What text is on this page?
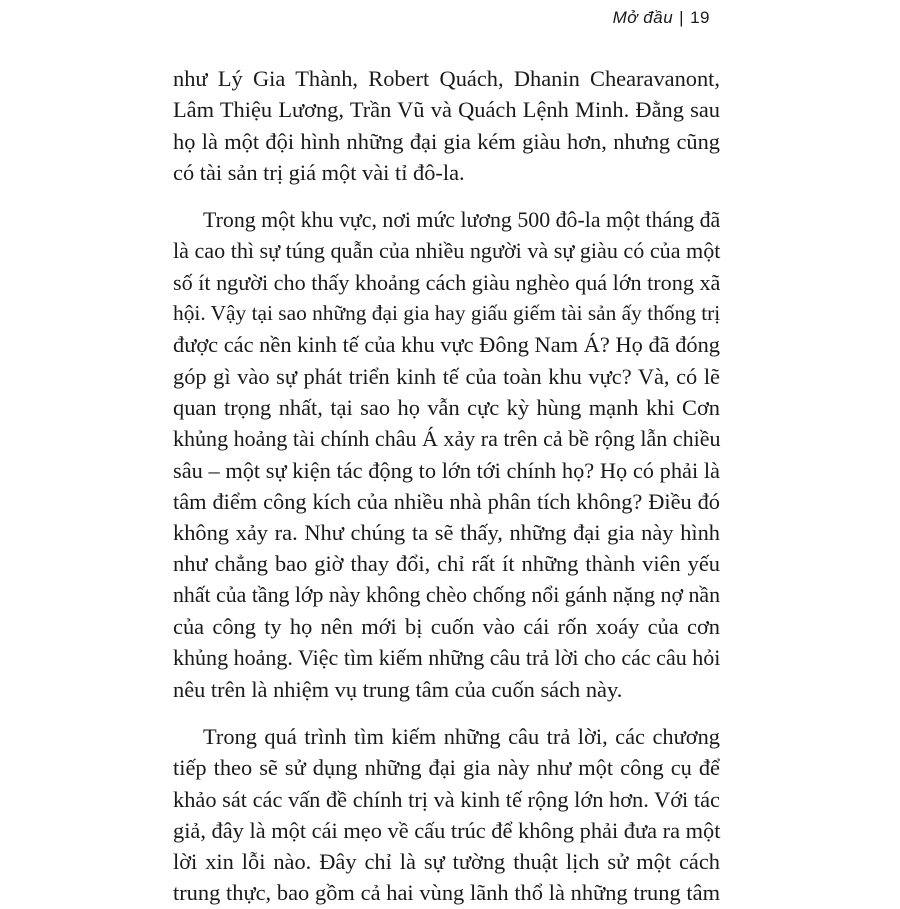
Mở đầu | 19
như Lý Gia Thành, Robert Quách, Dhanin Chearavanont,
Lâm Thiệu Lương, Trần Vũ và Quách Lệnh Minh. Đằng sau
họ là một đội hình những đại gia kém giàu hơn, nhưng cũng
có tài sản trị giá một vài tỉ đô-la.
Trong một khu vực, nơi mức lương 500 đô-la một tháng đã
là cao thì sự túng quẫn của nhiều người và sự giàu có của một
số ít người cho thấy khoảng cách giàu nghèo quá lớn trong xã
hội. Vậy tại sao những đại gia hay giấu giếm tài sản ấy thống trị
được các nền kinh tế của khu vực Đông Nam Á? Họ đã đóng
góp gì vào sự phát triển kinh tế của toàn khu vực? Và, có lẽ
quan trọng nhất, tại sao họ vẫn cực kỳ hùng mạnh khi Cơn
khủng hoảng tài chính châu Á xảy ra trên cả bề rộng lẫn chiều
sâu – một sự kiện tác động to lớn tới chính họ? Họ có phải là
tâm điểm công kích của nhiều nhà phân tích không? Điều đó
không xảy ra. Như chúng ta sẽ thấy, những đại gia này hình
như chẳng bao giờ thay đổi, chỉ rất ít những thành viên yếu
nhất của tầng lớp này không chèo chống nổi gánh nặng nợ nần
của công ty họ nên mới bị cuốn vào cái rốn xoáy của cơn
khủng hoảng. Việc tìm kiếm những câu trả lời cho các câu hỏi
nêu trên là nhiệm vụ trung tâm của cuốn sách này.
Trong quá trình tìm kiếm những câu trả lời, các chương
tiếp theo sẽ sử dụng những đại gia này như một công cụ để
khảo sát các vấn đề chính trị và kinh tế rộng lớn hơn. Với tác
giả, đây là một cái mẹo về cấu trúc để không phải đưa ra một
lời xin lỗi nào. Đây chỉ là sự tường thuật lịch sử một cách
trung thực, bao gồm cả hai vùng lãnh thổ là những trung tâm
